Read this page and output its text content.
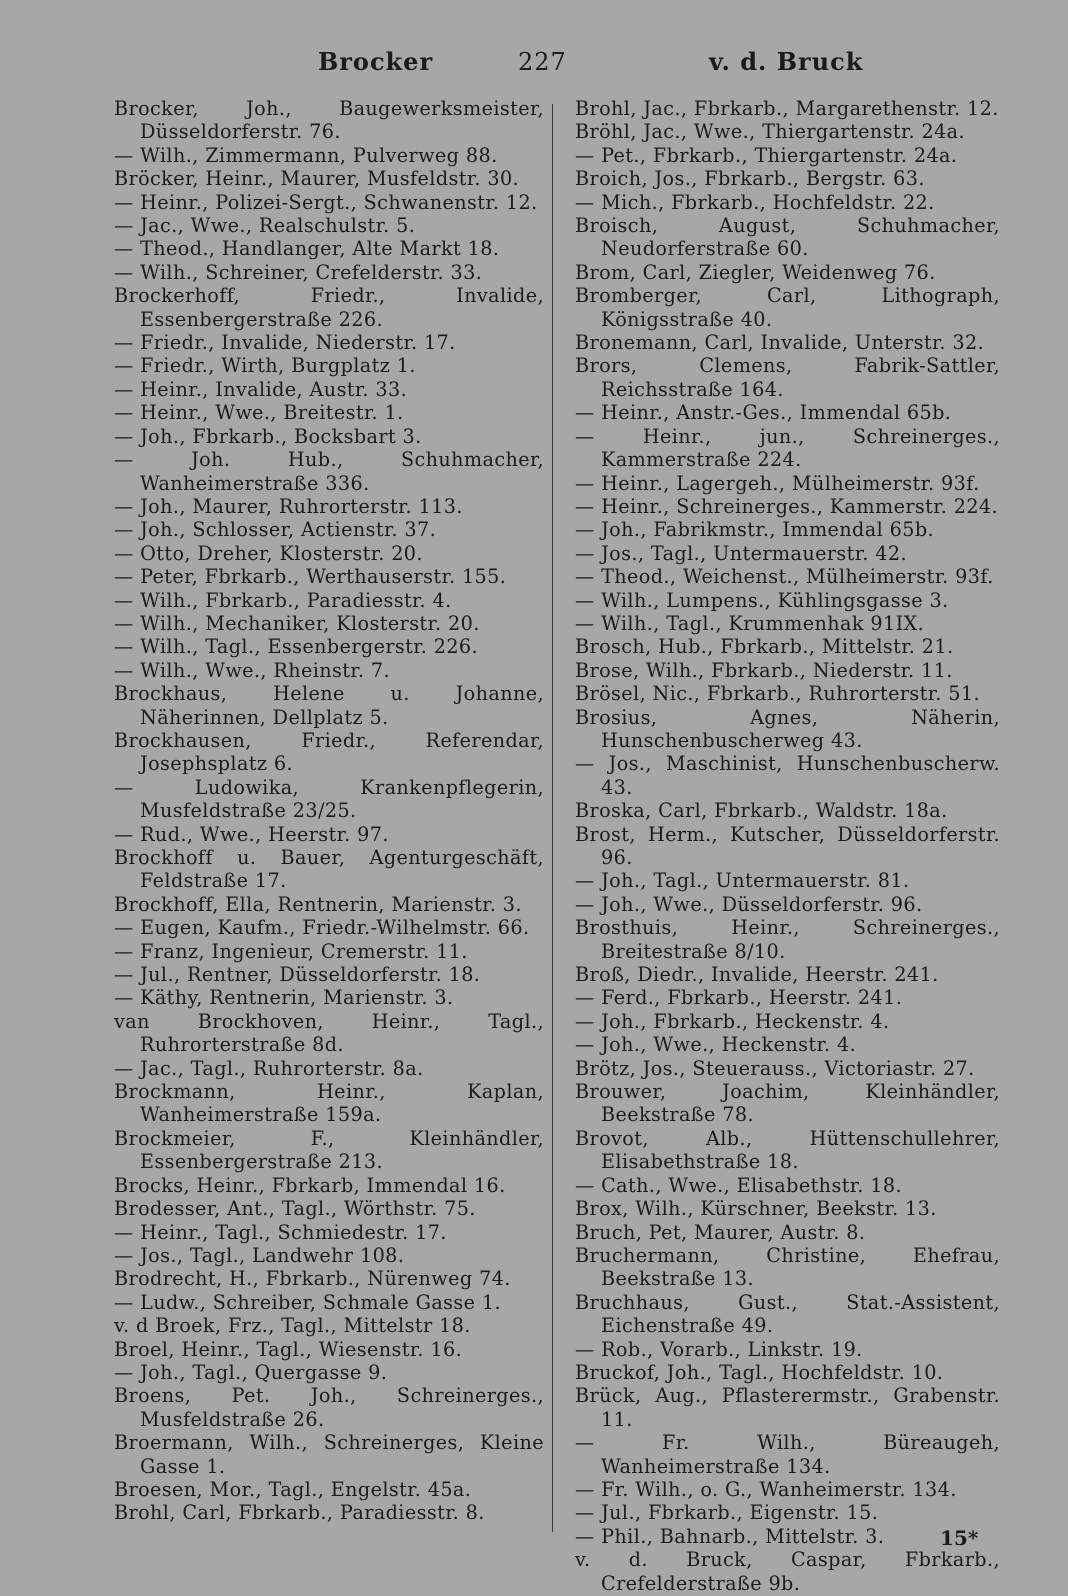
Brocker	227	v. d. Bruck
Brocker, Joh., Baugewerksmeister, Düsseldorferstr. 76.
— Wilh., Zimmermann, Pulverweg 88.
Bröcker, Heinr., Maurer, Musfeldstr. 30.
— Heinr., Polizei-Sergt., Schwanenstr. 12.
— Jac., Wwe., Realschulstr. 5.
— Theod., Handlanger, Alte Markt 18.
— Wilh., Schreiner, Crefelderstr. 33.
Brockerhoff, Friedr., Invalide, Essenbergerstraße 226.
— Friedr., Invalide, Niederstr. 17.
— Friedr., Wirth, Burgplatz 1.
— Heinr., Invalide, Austr. 33.
— Heinr., Wwe., Breitestr. 1.
— Joh., Fbrkarb., Bocksbart 3.
— Joh. Hub., Schuhmacher, Wanheimerstraße 336.
— Joh., Maurer, Ruhrorterstr. 113.
— Joh., Schlosser, Actienstr. 37.
— Otto, Dreher, Klosterstr. 20.
— Peter, Fbrkarb., Werthauserstr. 155.
— Wilh., Fbrkarb., Paradiesstr. 4.
— Wilh., Mechaniker, Klosterstr. 20.
— Wilh., Tagl., Essenbergerstr. 226.
— Wilh., Wwe., Rheinstr. 7.
Brockhaus, Helene u. Johanne, Näherinnen, Dellplatz 5.
Brockhausen, Friedr., Referendar, Josephsplatz 6.
— Ludowika, Krankenpflegerin, Musfeldstraße 23/25.
— Rud., Wwe., Heerstr. 97.
Brockhoff u. Bauer, Agenturgeschäft, Feldstraße 17.
Brockhoff, Ella, Rentnerin, Marienstr. 3.
— Eugen, Kaufm., Friedr.-Wilhelmstr. 66.
— Franz, Ingenieur, Cremerstr. 11.
— Jul., Rentner, Düsseldorferstr. 18.
— Käthy, Rentnerin, Marienstr. 3.
van Brockhoven, Heinr., Tagl., Ruhrorterstraße 8d.
— Jac., Tagl., Ruhrorterstr. 8a.
Brockmann, Heinr., Kaplan, Wanheimerstraße 159a.
Brockmeier, F., Kleinhändler, Essenbergerstraße 213.
Brocks, Heinr., Fbrkarb, Immendal 16.
Brodesser, Ant., Tagl., Wörthstr. 75.
— Heinr., Tagl., Schmiedestr. 17.
— Jos., Tagl., Landwehr 108.
Brodrecht, H., Fbrkarb., Nürenweg 74.
— Ludw., Schreiber, Schmale Gasse 1.
v. d Broek, Frz., Tagl., Mittelstr 18.
Broel, Heinr., Tagl., Wiesenstr. 16.
— Joh., Tagl., Quergasse 9.
Broens, Pet. Joh., Schreinerges., Musfeldstraße 26.
Broermann, Wilh., Schreinerges, Kleine Gasse 1.
Broesen, Mor., Tagl., Engelstr. 45a.
Brohl, Carl, Fbrkarb., Paradiesstr. 8.
Brohl, Jac., Fbrkarb., Margarethenstr. 12.
Bröhl, Jac., Wwe., Thiergartenstr. 24a.
— Pet., Fbrkarb., Thiergartenstr. 24a.
Broich, Jos., Fbrkarb., Bergstr. 63.
— Mich., Fbrkarb., Hochfeldstr. 22.
Broisch, August, Schuhmacher, Neudorferstraße 60.
Brom, Carl, Ziegler, Weidenweg 76.
Bromberger, Carl, Lithograph, Königsstraße 40.
Bronemann, Carl, Invalide, Unterstr. 32.
Brors, Clemens, Fabrik-Sattler, Reichsstraße 164.
— Heinr., Anstr.-Ges., Immendal 65b.
— Heinr., jun., Schreinerges., Kammerstraße 224.
— Heinr., Lagergeh., Mülheimerstr. 93f.
— Heinr., Schreinerges., Kammerstr. 224.
— Joh., Fabrikmstr., Immendal 65b.
— Jos., Tagl., Untermauerstr. 42.
— Theod., Weichenst., Mülheimerstr. 93f.
— Wilh., Lumpens., Kühlingsgasse 3.
— Wilh., Tagl., Krummenhak 91IX.
Brosch, Hub., Fbrkarb., Mittelstr. 21.
Brose, Wilh., Fbrkarb., Niederstr. 11.
Brösel, Nic., Fbrkarb., Ruhrorterstr. 51.
Brosius, Agnes, Näherin, Hunschenbuscherweg 43.
— Jos., Maschinist, Hunschenbuscherw. 43.
Broska, Carl, Fbrkarb., Waldstr. 18a.
Brost, Herm., Kutscher, Düsseldorferstr. 96.
— Joh., Tagl., Untermauerstr. 81.
— Joh., Wwe., Düsseldorferstr. 96.
Brosthuis, Heinr., Schreinerges., Breitestraße 8/10.
Broß, Diedr., Invalide, Heerstr. 241.
— Ferd., Fbrkarb., Heerstr. 241.
— Joh., Fbrkarb., Heckenstr. 4.
— Joh., Wwe., Heckenstr. 4.
Brötz, Jos., Steuerauss., Victoriastr. 27.
Brouwer, Joachim, Kleinhändler, Beekstraße 78.
Brovot, Alb., Hüttenschullehrer, Elisabethstraße 18.
— Cath., Wwe., Elisabethstr. 18.
Brox, Wilh., Kürschner, Beekstr. 13.
Bruch, Pet, Maurer, Austr. 8.
Bruchermann, Christine, Ehefrau, Beekstraße 13.
Bruchhaus, Gust., Stat.-Assistent, Eichenstraße 49.
— Rob., Vorarb., Linkstr. 19.
Bruckof, Joh., Tagl., Hochfeldstr. 10.
Brück, Aug., Pflasterermstr., Grabenstr. 11.
— Fr. Wilh., Büreaugeh, Wanheimerstraße 134.
— Fr. Wilh., o. G., Wanheimerstr. 134.
— Jul., Fbrkarb., Eigenstr. 15.
— Phil., Bahnarb., Mittelstr. 3.
v. d. Bruck, Caspar, Fbrkarb., Crefelderstraße 9b.
15*
